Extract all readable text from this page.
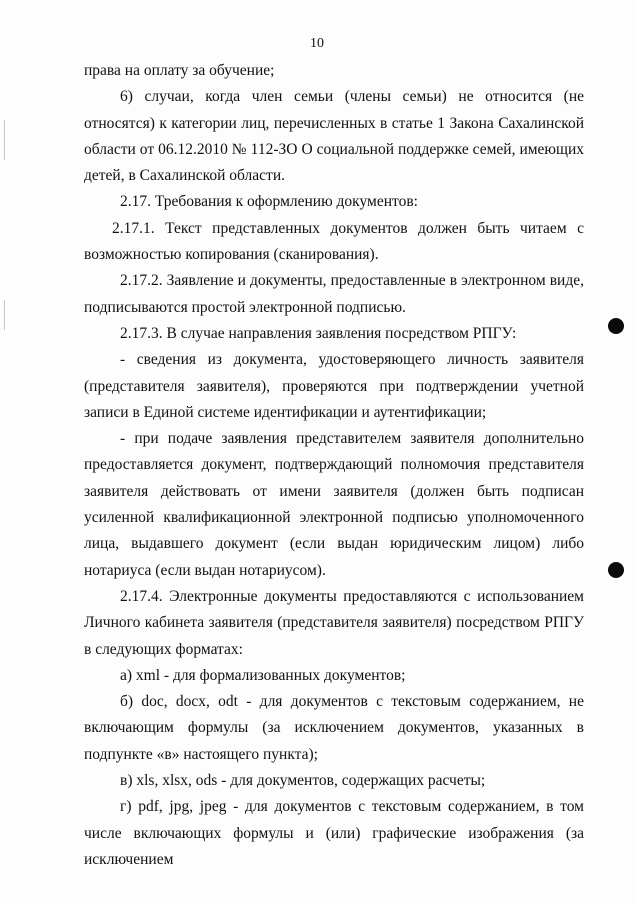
10

права на оплату за обучение;

6) случаи, когда член семьи (члены семьи) не относится (не относятся) к категории лиц, перечисленных в статье 1 Закона Сахалинской области от 06.12.2010 № 112-ЗО О социальной поддержке семей, имеющих детей, в Сахалинской области.

2.17. Требования к оформлению документов:

2.17.1. Текст представленных документов должен быть читаем с возможностью копирования (сканирования).

2.17.2. Заявление и документы, предоставленные в электронном виде, подписываются простой электронной подписью.

2.17.3. В случае направления заявления посредством РПГУ:

- сведения из документа, удостоверяющего личность заявителя (представителя заявителя), проверяются при подтверждении учетной записи в Единой системе идентификации и аутентификации;

- при подаче заявления представителем заявителя дополнительно предоставляется документ, подтверждающий полномочия представителя заявителя действовать от имени заявителя (должен быть подписан усиленной квалификационной электронной подписью уполномоченного лица, выдавшего документ (если выдан юридическим лицом) либо нотариуса (если выдан нотариусом).

2.17.4. Электронные документы предоставляются с использованием Личного кабинета заявителя (представителя заявителя) посредством РПГУ в следующих форматах:

а) xml - для формализованных документов;

б) doc, docx, odt - для документов с текстовым содержанием, не включающим формулы (за исключением документов, указанных в подпункте «в» настоящего пункта);

в) xls, xlsx, ods - для документов, содержащих расчеты;

г) pdf, jpg, jpeg - для документов с текстовым содержанием, в том числе включающих формулы и (или) графические изображения (за исключением
